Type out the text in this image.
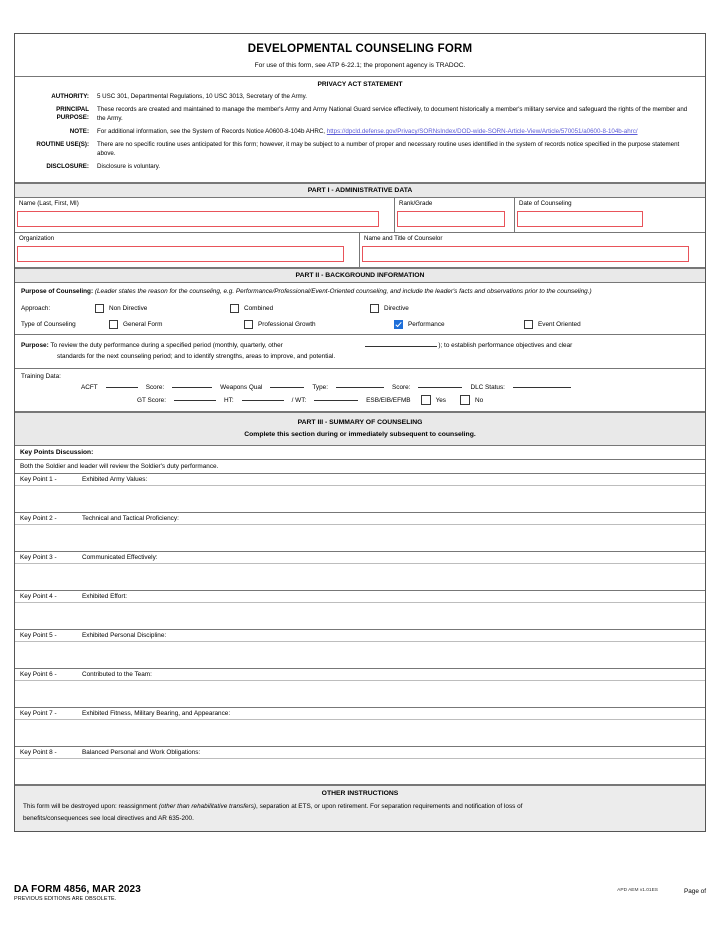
DEVELOPMENTAL COUNSELING FORM
For use of this form, see ATP 6-22.1; the proponent agency is TRADOC.
PRIVACY ACT STATEMENT
AUTHORITY:	5 USC 301, Departmental Regulations, 10 USC 3013, Secretary of the Army.
PRINCIPAL
PURPOSE:
These records are created and maintained to manage the member's Army and Army National Guard service effectively, to document historically a member's military service and safeguard the rights of the member and the Army.
NOTE:	For additional information, see the System of Records Notice A0600-8-104b AHRC, https://dpcld.defense.gov/Privacy/SORNsIndex/DOD-wide-SORN-Article-View/Article/570051/a0600-8-104b-ahrc/
ROUTINE USE(S):	There are no specific routine uses anticipated for this form; however, it may be subject to a number of proper and necessary routine uses identified in the system of records notice specified in the purpose statement above.
DISCLOSURE:	Disclosure is voluntary.
PART I - ADMINISTRATIVE DATA
Name (Last, First, MI)	Rank/Grade	Date of Counseling
Organization	Name and Title of Counselor
PART II - BACKGROUND INFORMATION
Purpose of Counseling: (Leader states the reason for the counseling, e.g. Performance/Professional/Event-Oriented counseling, and include the leader's facts and observations prior to the counseling.)
Approach:	Non Directive	Combined	Directive
Type of Counseling	General Form	Professional Growth	Performance	Event Oriented
Purpose: To review the duty performance during a specified period (monthly, quarterly, other	); to establish performance objectives and clear
standards for the next counseling period; and to identify strengths, areas to improve, and potential.
Training Data:
ACFT	Score:	Weapons Qual	Type:	Score:	DLC Status:
GT Score:	HT:	/ WT:	ESB/EIB/EFMB	Yes	No
PART III - SUMMARY OF COUNSELING
Complete this section during or immediately subsequent to counseling.
Key Points Discussion:
Both the Soldier and leader will review the Soldier's duty performance.
Key Point 1 -	Exhibited Army Values:
Key Point 2 -	Technical and Tactical Proficiency:
Key Point 3 -	Communicated Effectively:
Key Point 4 -	Exhibited Effort:
Key Point 5 -	Exhibited Personal Discipline:
Key Point 6 -	Contributed to the Team:
Key Point 7 -	Exhibited Fitness, Military Bearing, and Appearance:
Key Point 8 -	Balanced Personal and Work Obligations:
OTHER INSTRUCTIONS
This form will be destroyed upon: reassignment (other than rehabilitative transfers), separation at ETS, or upon retirement. For separation requirements and notification of loss of
benefits/consequences see local directives and AR 635-200.
DA FORM 4856, MAR 2023
PREVIOUS EDITIONS ARE OBSOLETE.
APD AEM v1.01ES	Page of
